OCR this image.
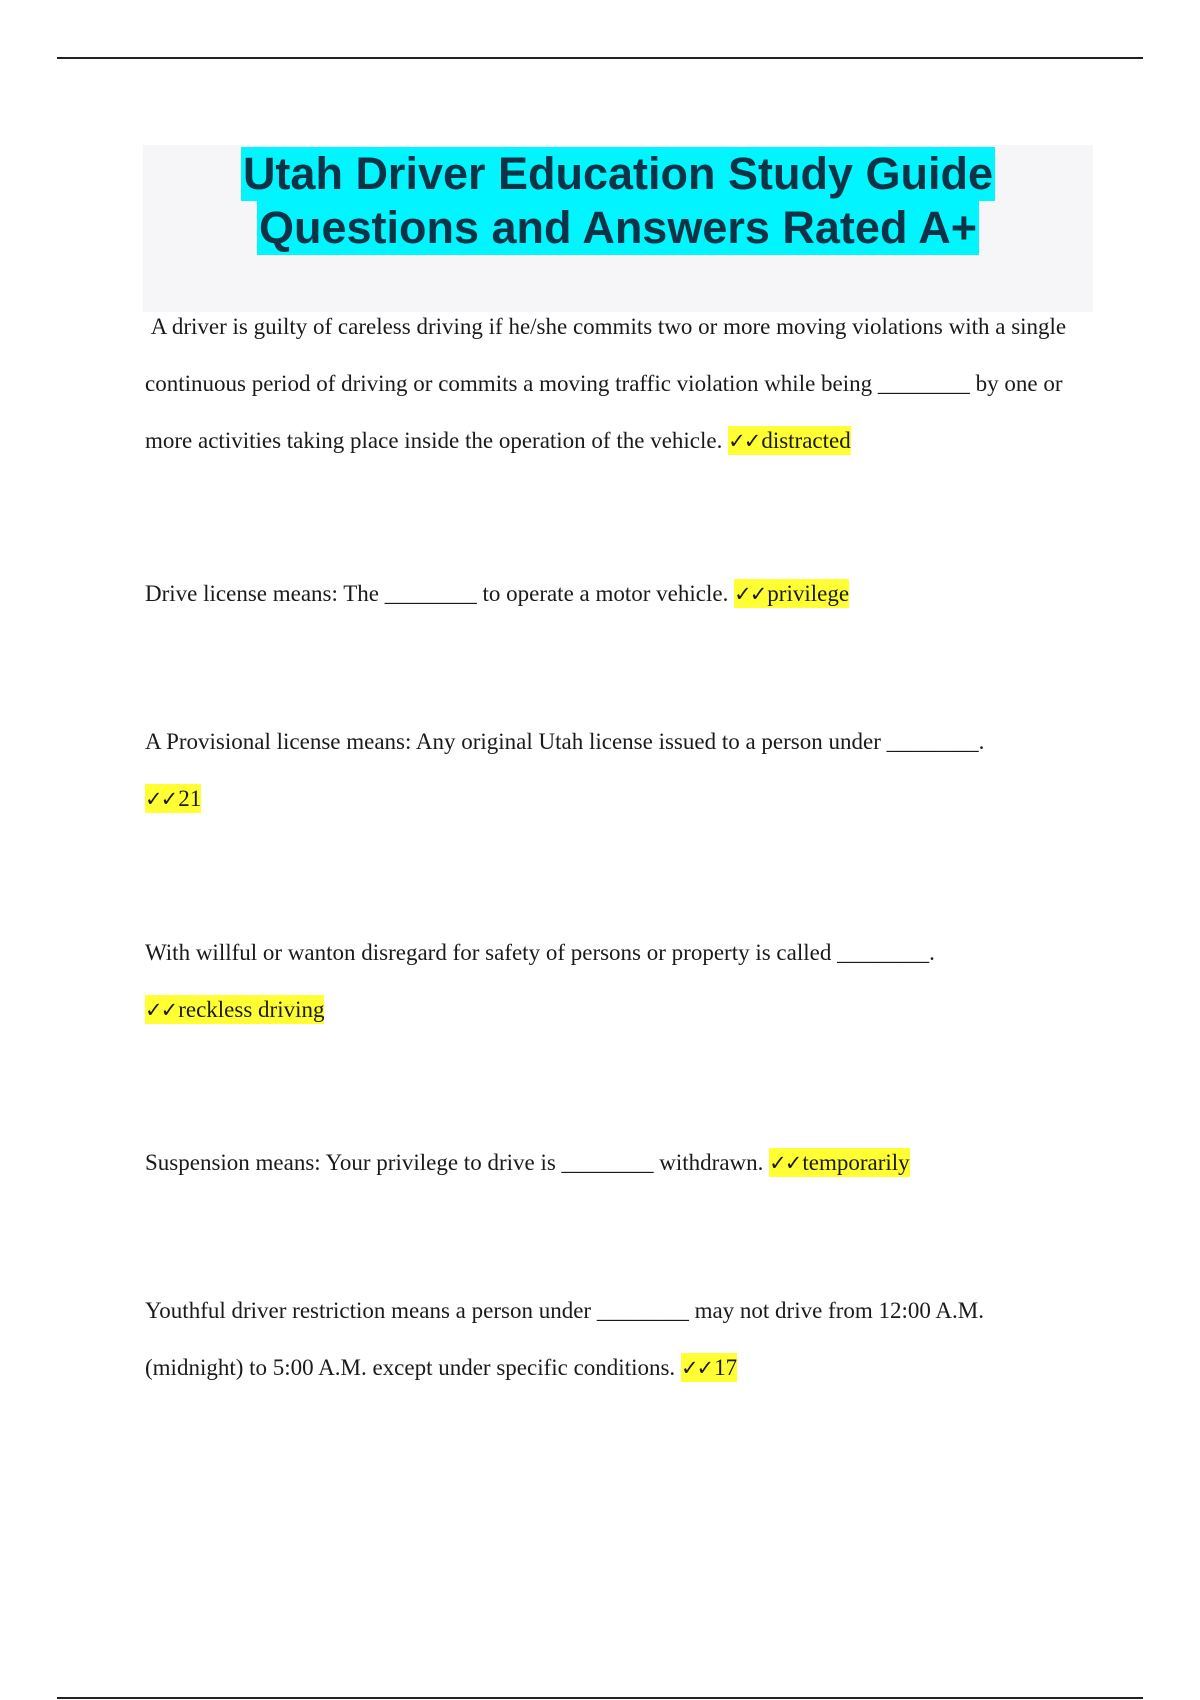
Utah Driver Education Study Guide
Questions and Answers Rated A+

A driver is guilty of careless driving if he/she commits two or more moving violations with a single continuous period of driving or commits a moving traffic violation while being ________ by one or more activities taking place inside the operation of the vehicle. ✓✓distracted

Drive license means: The ________ to operate a motor vehicle. ✓✓privilege

A Provisional license means: Any original Utah license issued to a person under ________.
✓✓21

With willful or wanton disregard for safety of persons or property is called ________.
✓✓reckless driving

Suspension means: Your privilege to drive is ________ withdrawn. ✓✓temporarily

Youthful driver restriction means a person under ________ may not drive from 12:00 A.M. (midnight) to 5:00 A.M. except under specific conditions. ✓✓17
